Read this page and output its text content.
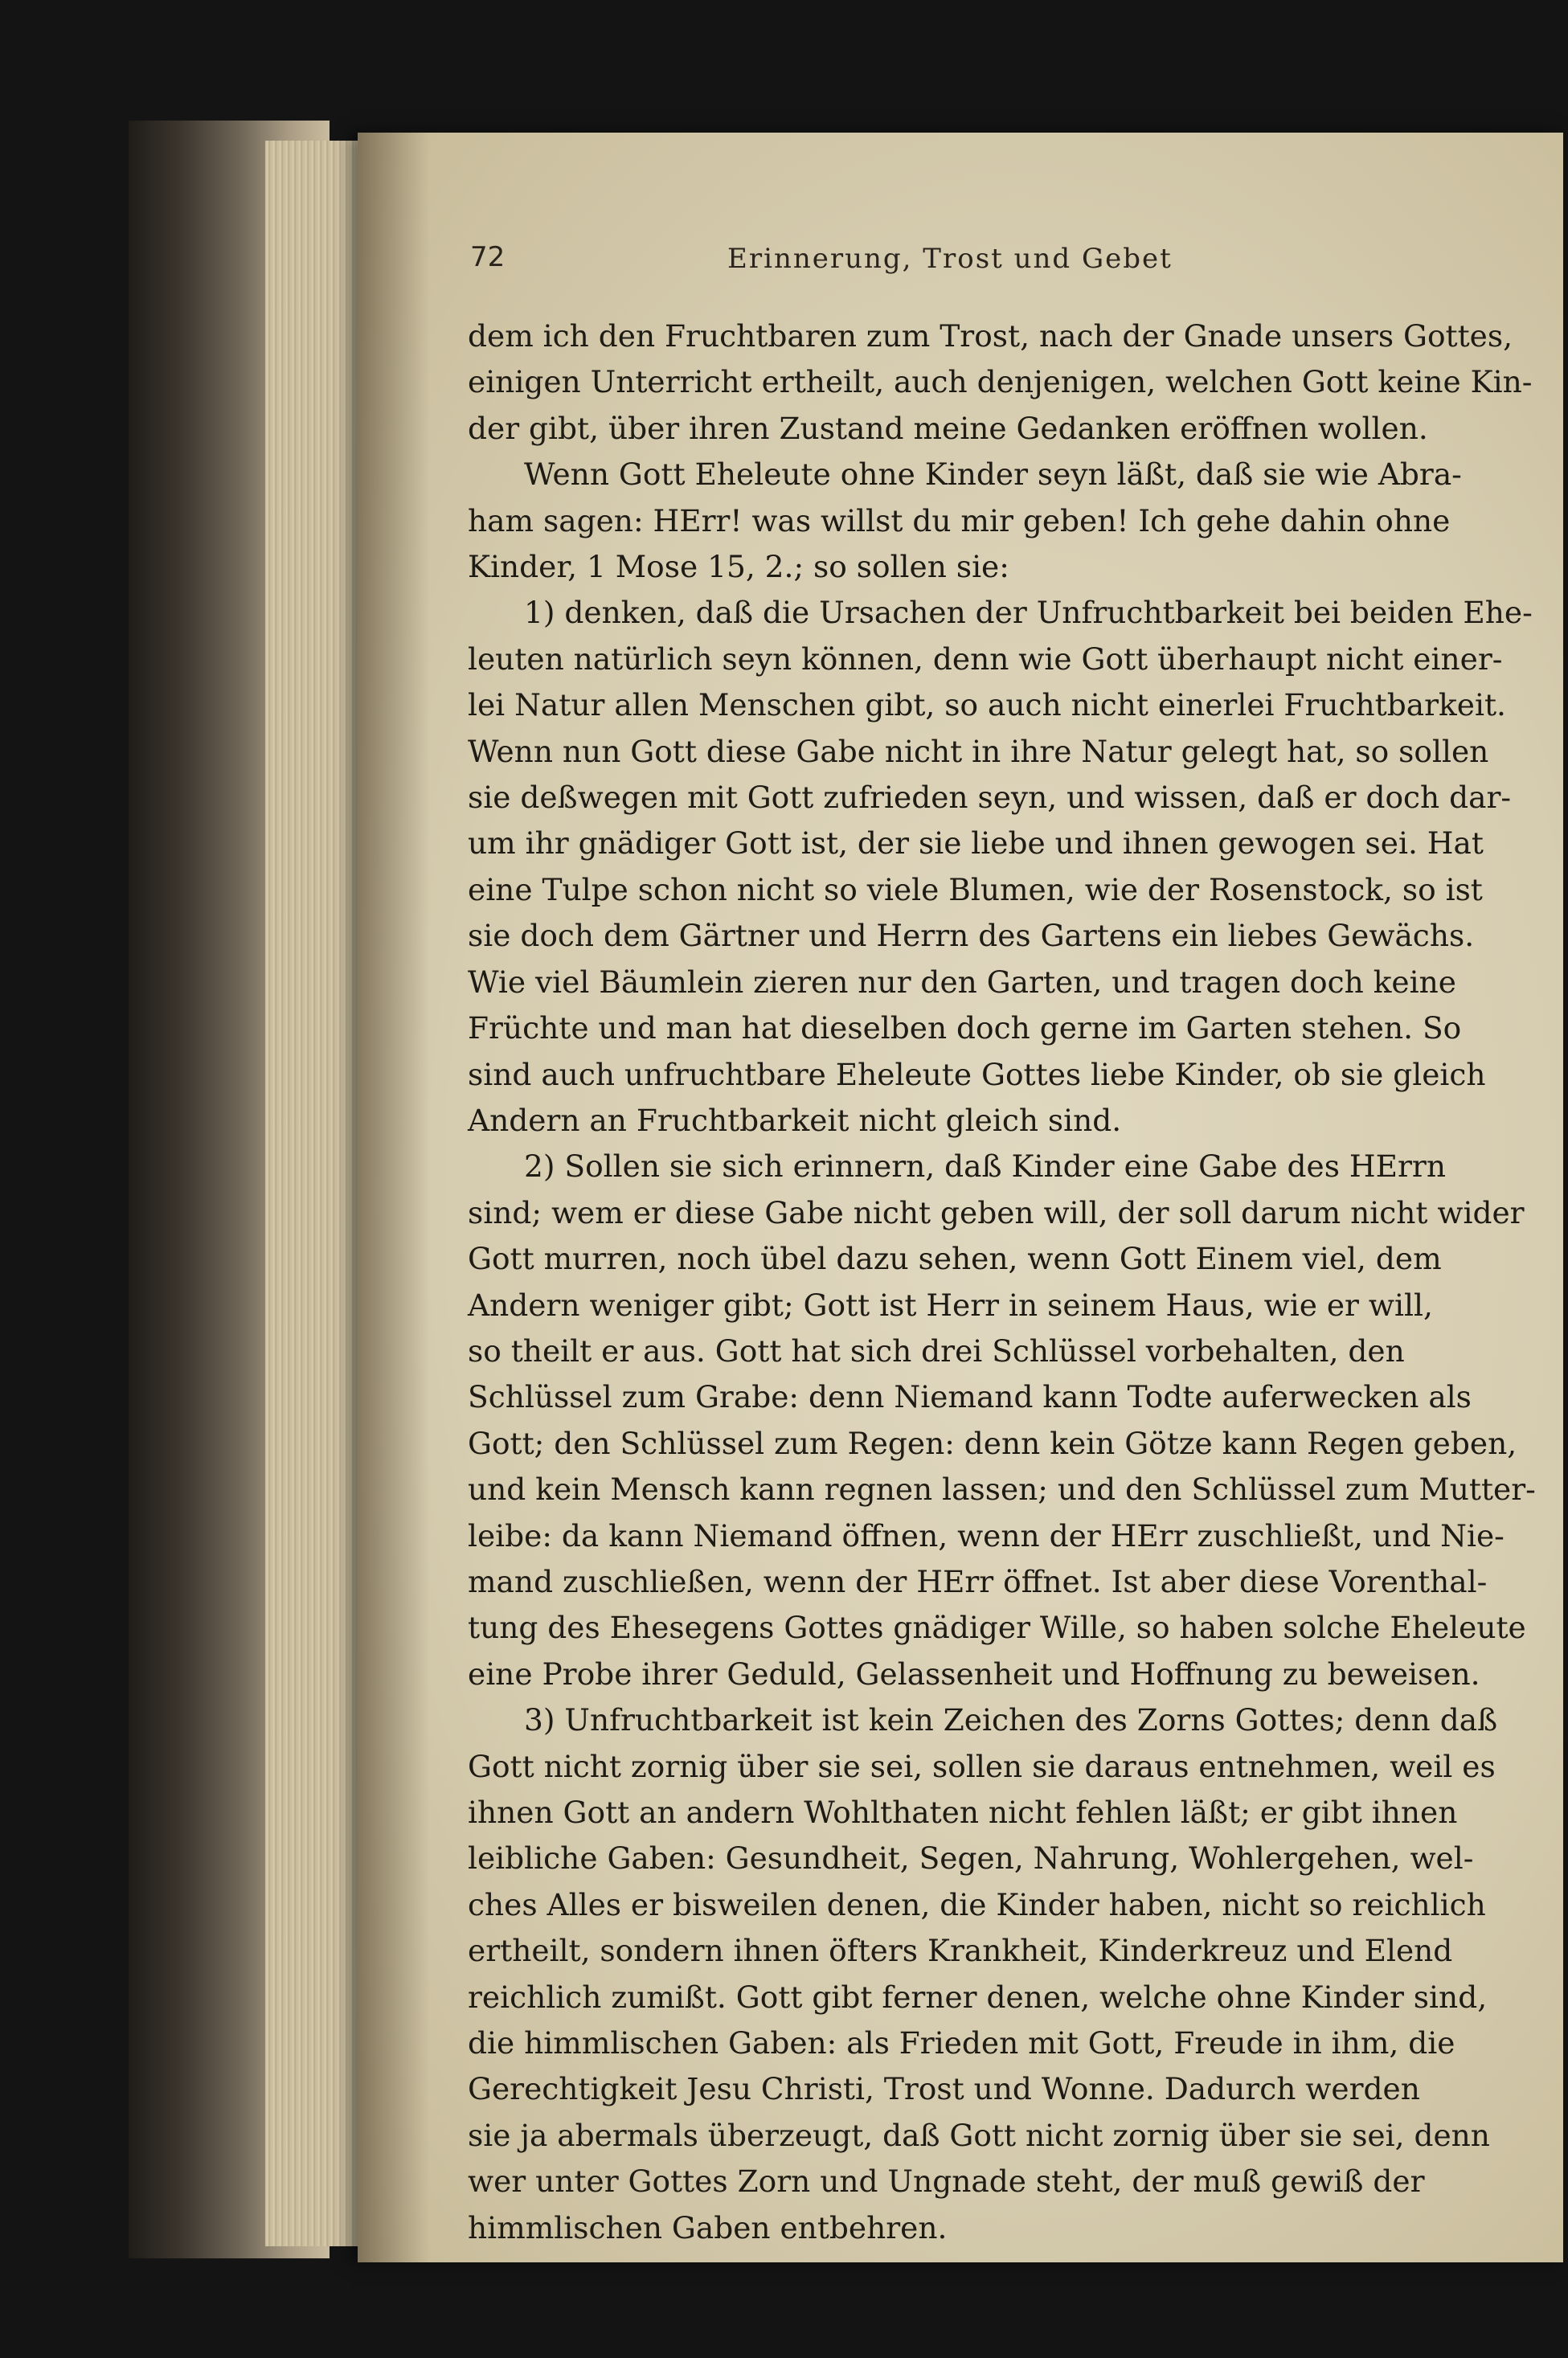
72	Erinnerung, Trost und Gebet
dem ich den Fruchtbaren zum Trost, nach der Gnade unsers Gottes,
einigen Unterricht ertheilt, auch denjenigen, welchen Gott keine Kin-
der gibt, über ihren Zustand meine Gedanken eröffnen wollen.
Wenn Gott Eheleute ohne Kinder seyn läßt, daß sie wie Abra-
ham sagen: HErr! was willst du mir geben! Ich gehe dahin ohne
Kinder, 1 Mose 15, 2.; so sollen sie:
1) denken, daß die Ursachen der Unfruchtbarkeit bei beiden Ehe-
leuten natürlich seyn können, denn wie Gott überhaupt nicht einer-
lei Natur allen Menschen gibt, so auch nicht einerlei Fruchtbarkeit.
Wenn nun Gott diese Gabe nicht in ihre Natur gelegt hat, so sollen
sie deßwegen mit Gott zufrieden seyn, und wissen, daß er doch dar-
um ihr gnädiger Gott ist, der sie liebe und ihnen gewogen sei. Hat
eine Tulpe schon nicht so viele Blumen, wie der Rosenstock, so ist
sie doch dem Gärtner und Herrn des Gartens ein liebes Gewächs.
Wie viel Bäumlein zieren nur den Garten, und tragen doch keine
Früchte und man hat dieselben doch gerne im Garten stehen. So
sind auch unfruchtbare Eheleute Gottes liebe Kinder, ob sie gleich
Andern an Fruchtbarkeit nicht gleich sind.
2) Sollen sie sich erinnern, daß Kinder eine Gabe des HErrn
sind; wem er diese Gabe nicht geben will, der soll darum nicht wider
Gott murren, noch übel dazu sehen, wenn Gott Einem viel, dem
Andern weniger gibt; Gott ist Herr in seinem Haus, wie er will,
so theilt er aus. Gott hat sich drei Schlüssel vorbehalten, den
Schlüssel zum Grabe: denn Niemand kann Todte auferwecken als
Gott; den Schlüssel zum Regen: denn kein Götze kann Regen geben,
und kein Mensch kann regnen lassen; und den Schlüssel zum Mutter-
leibe: da kann Niemand öffnen, wenn der HErr zuschließt, und Nie-
mand zuschließen, wenn der HErr öffnet. Ist aber diese Vorenthal-
tung des Ehesegens Gottes gnädiger Wille, so haben solche Eheleute
eine Probe ihrer Geduld, Gelassenheit und Hoffnung zu beweisen.
3) Unfruchtbarkeit ist kein Zeichen des Zorns Gottes; denn daß
Gott nicht zornig über sie sei, sollen sie daraus entnehmen, weil es
ihnen Gott an andern Wohlthaten nicht fehlen läßt; er gibt ihnen
leibliche Gaben: Gesundheit, Segen, Nahrung, Wohlergehen, wel-
ches Alles er bisweilen denen, die Kinder haben, nicht so reichlich
ertheilt, sondern ihnen öfters Krankheit, Kinderkreuz und Elend
reichlich zumißt. Gott gibt ferner denen, welche ohne Kinder sind,
die himmlischen Gaben: als Frieden mit Gott, Freude in ihm, die
Gerechtigkeit Jesu Christi, Trost und Wonne. Dadurch werden
sie ja abermals überzeugt, daß Gott nicht zornig über sie sei, denn
wer unter Gottes Zorn und Ungnade steht, der muß gewiß der
himmlischen Gaben entbehren.
